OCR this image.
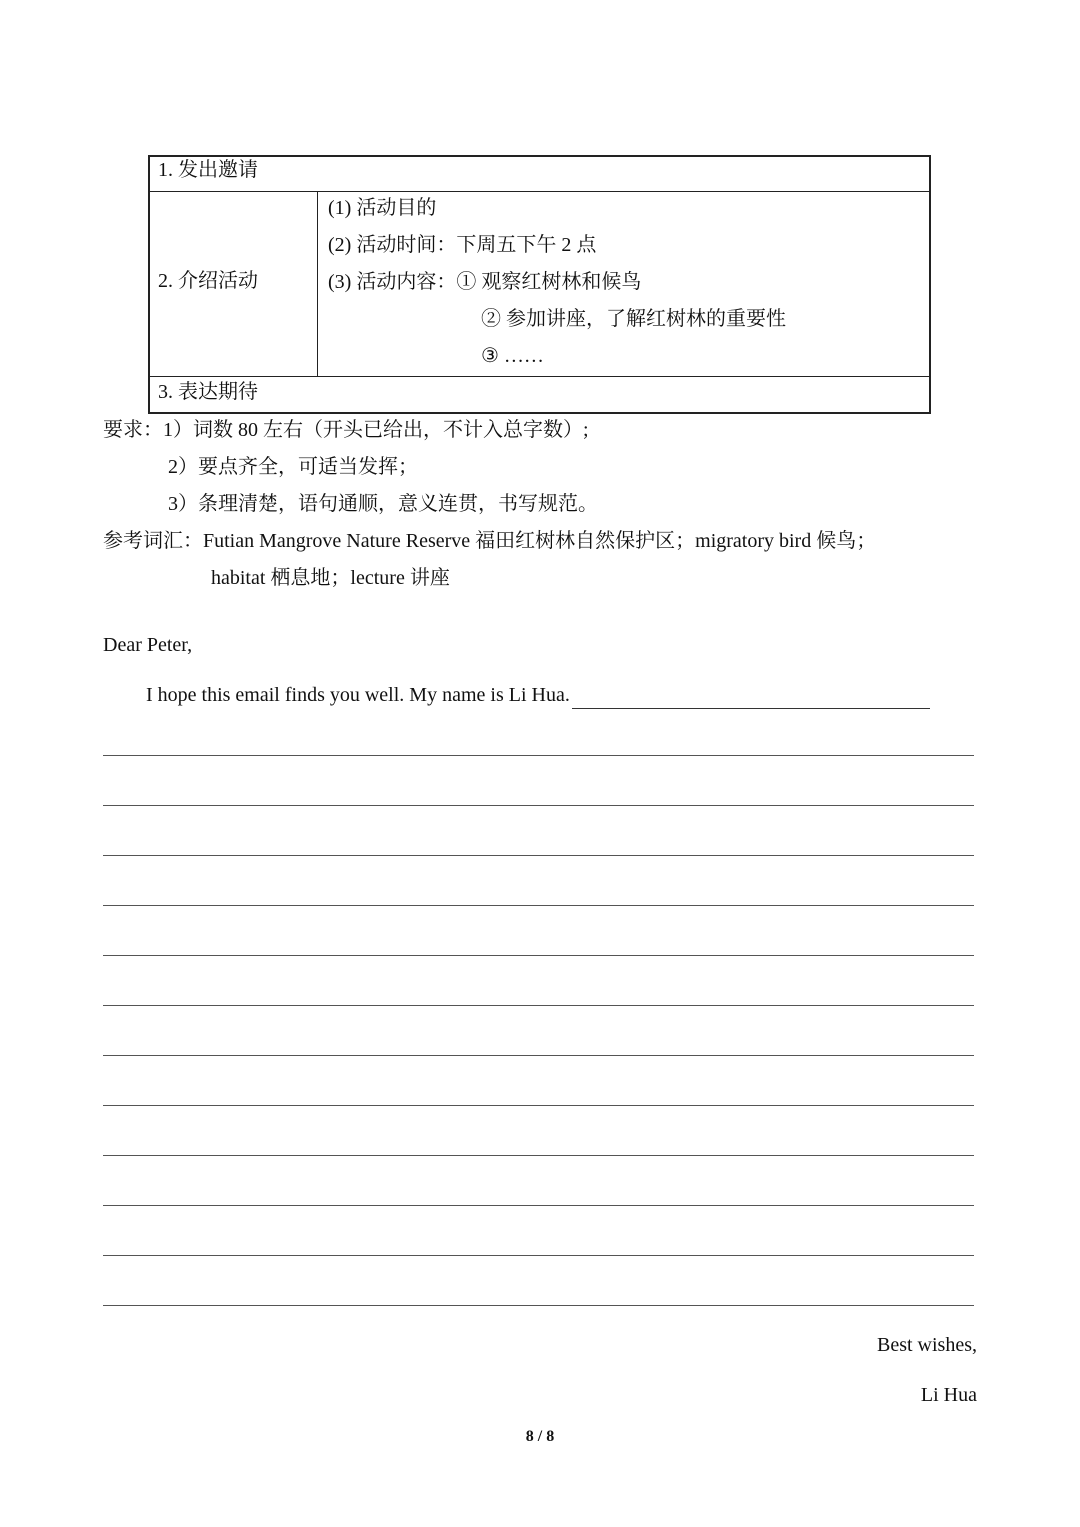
1. 发出邀请
2. 介绍活动
(1) 活动目的
(2) 活动时间：下周五下午 2 点
(3) 活动内容：① 观察红树林和候鸟
② 参加讲座，了解红树林的重要性
③ ……
3. 表达期待
要求：1）词数 80 左右（开头已给出，不计入总字数）;
2）要点齐全，可适当发挥；
3）条理清楚，语句通顺，意义连贯，书写规范。
参考词汇：Futian Mangrove Nature Reserve 福田红树林自然保护区；migratory bird 候鸟；
habitat 栖息地；lecture 讲座
Dear Peter,
I hope this email finds you well. My name is Li Hua.
Best wishes,
Li Hua
8 / 8
